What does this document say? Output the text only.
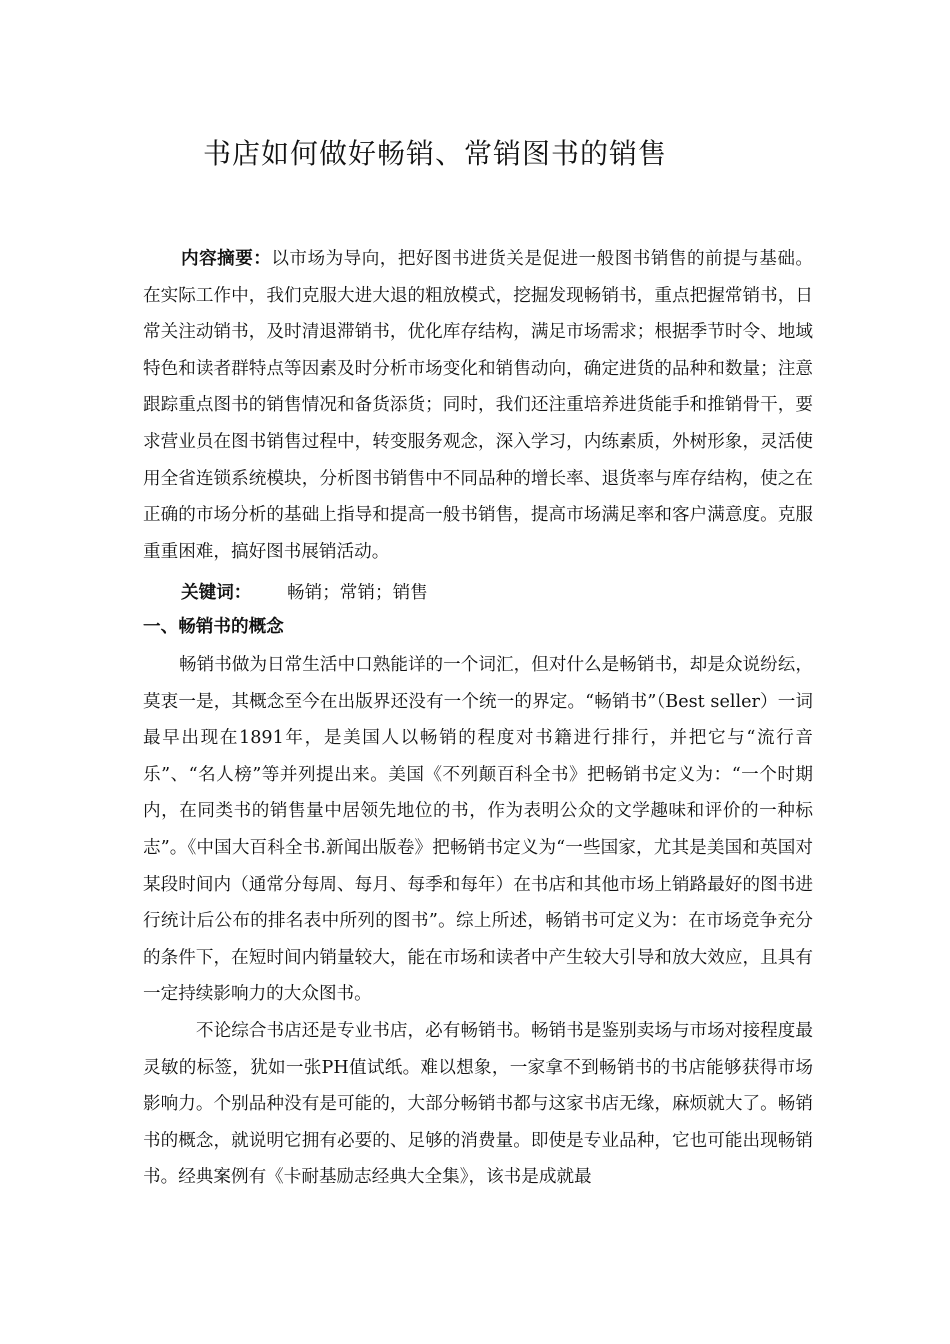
书店如何做好畅销、常销图书的销售

内容摘要：以市场为导向，把好图书进货关是促进一般图书销售的前提与基础。在实际工作中，我们克服大进大退的粗放模式，挖掘发现畅销书，重点把握常销书，日常关注动销书，及时清退滞销书，优化库存结构，满足市场需求；根据季节时令、地域特色和读者群特点等因素及时分析市场变化和销售动向，确定进货的品种和数量；注意跟踪重点图书的销售情况和备货添货；同时，我们还注重培养进货能手和推销骨干，要求营业员在图书销售过程中，转变服务观念，深入学习，内练素质，外树形象，灵活使用全省连锁系统模块，分析图书销售中不同品种的增长率、退货率与库存结构，使之在正确的市场分析的基础上指导和提高一般书销售，提高市场满足率和客户满意度。克服重重困难，搞好图书展销活动。

关键词： 畅销；常销；销售
一、畅销书的概念

畅销书做为日常生活中口熟能详的一个词汇，但对什么是畅销书，却是众说纷纭，莫衷一是，其概念至今在出版界还没有一个统一的界定。“畅销书”（Best seller）一词最早出现在1891年，是美国人以畅销的程度对书籍进行排行，并把它与“流行音乐”、“名人榜”等并列提出来。美国《不列颠百科全书》把畅销书定义为：“一个时期内，在同类书的销售量中居领先地位的书，作为表明公众的文学趣味和评价的一种标志”。《中国大百科全书.新闻出版卷》把畅销书定义为“一些国家，尤其是美国和英国对某段时间内（通常分每周、每月、每季和每年）在书店和其他市场上销路最好的图书进行统计后公布的排名表中所列的图书”。综上所述，畅销书可定义为：在市场竞争充分的条件下，在短时间内销量较大，能在市场和读者中产生较大引导和放大效应，且具有一定持续影响力的大众图书。

不论综合书店还是专业书店，必有畅销书。畅销书是鉴别卖场与市场对接程度最灵敏的标签，犹如一张PH值试纸。难以想象，一家拿不到畅销书的书店能够获得市场影响力。个别品种没有是可能的，大部分畅销书都与这家书店无缘，麻烦就大了。畅销书的概念，就说明它拥有必要的、足够的消费量。即使是专业品种，它也可能出现畅销书。经典案例有《卡耐基励志经典大全集》，该书是成就最
